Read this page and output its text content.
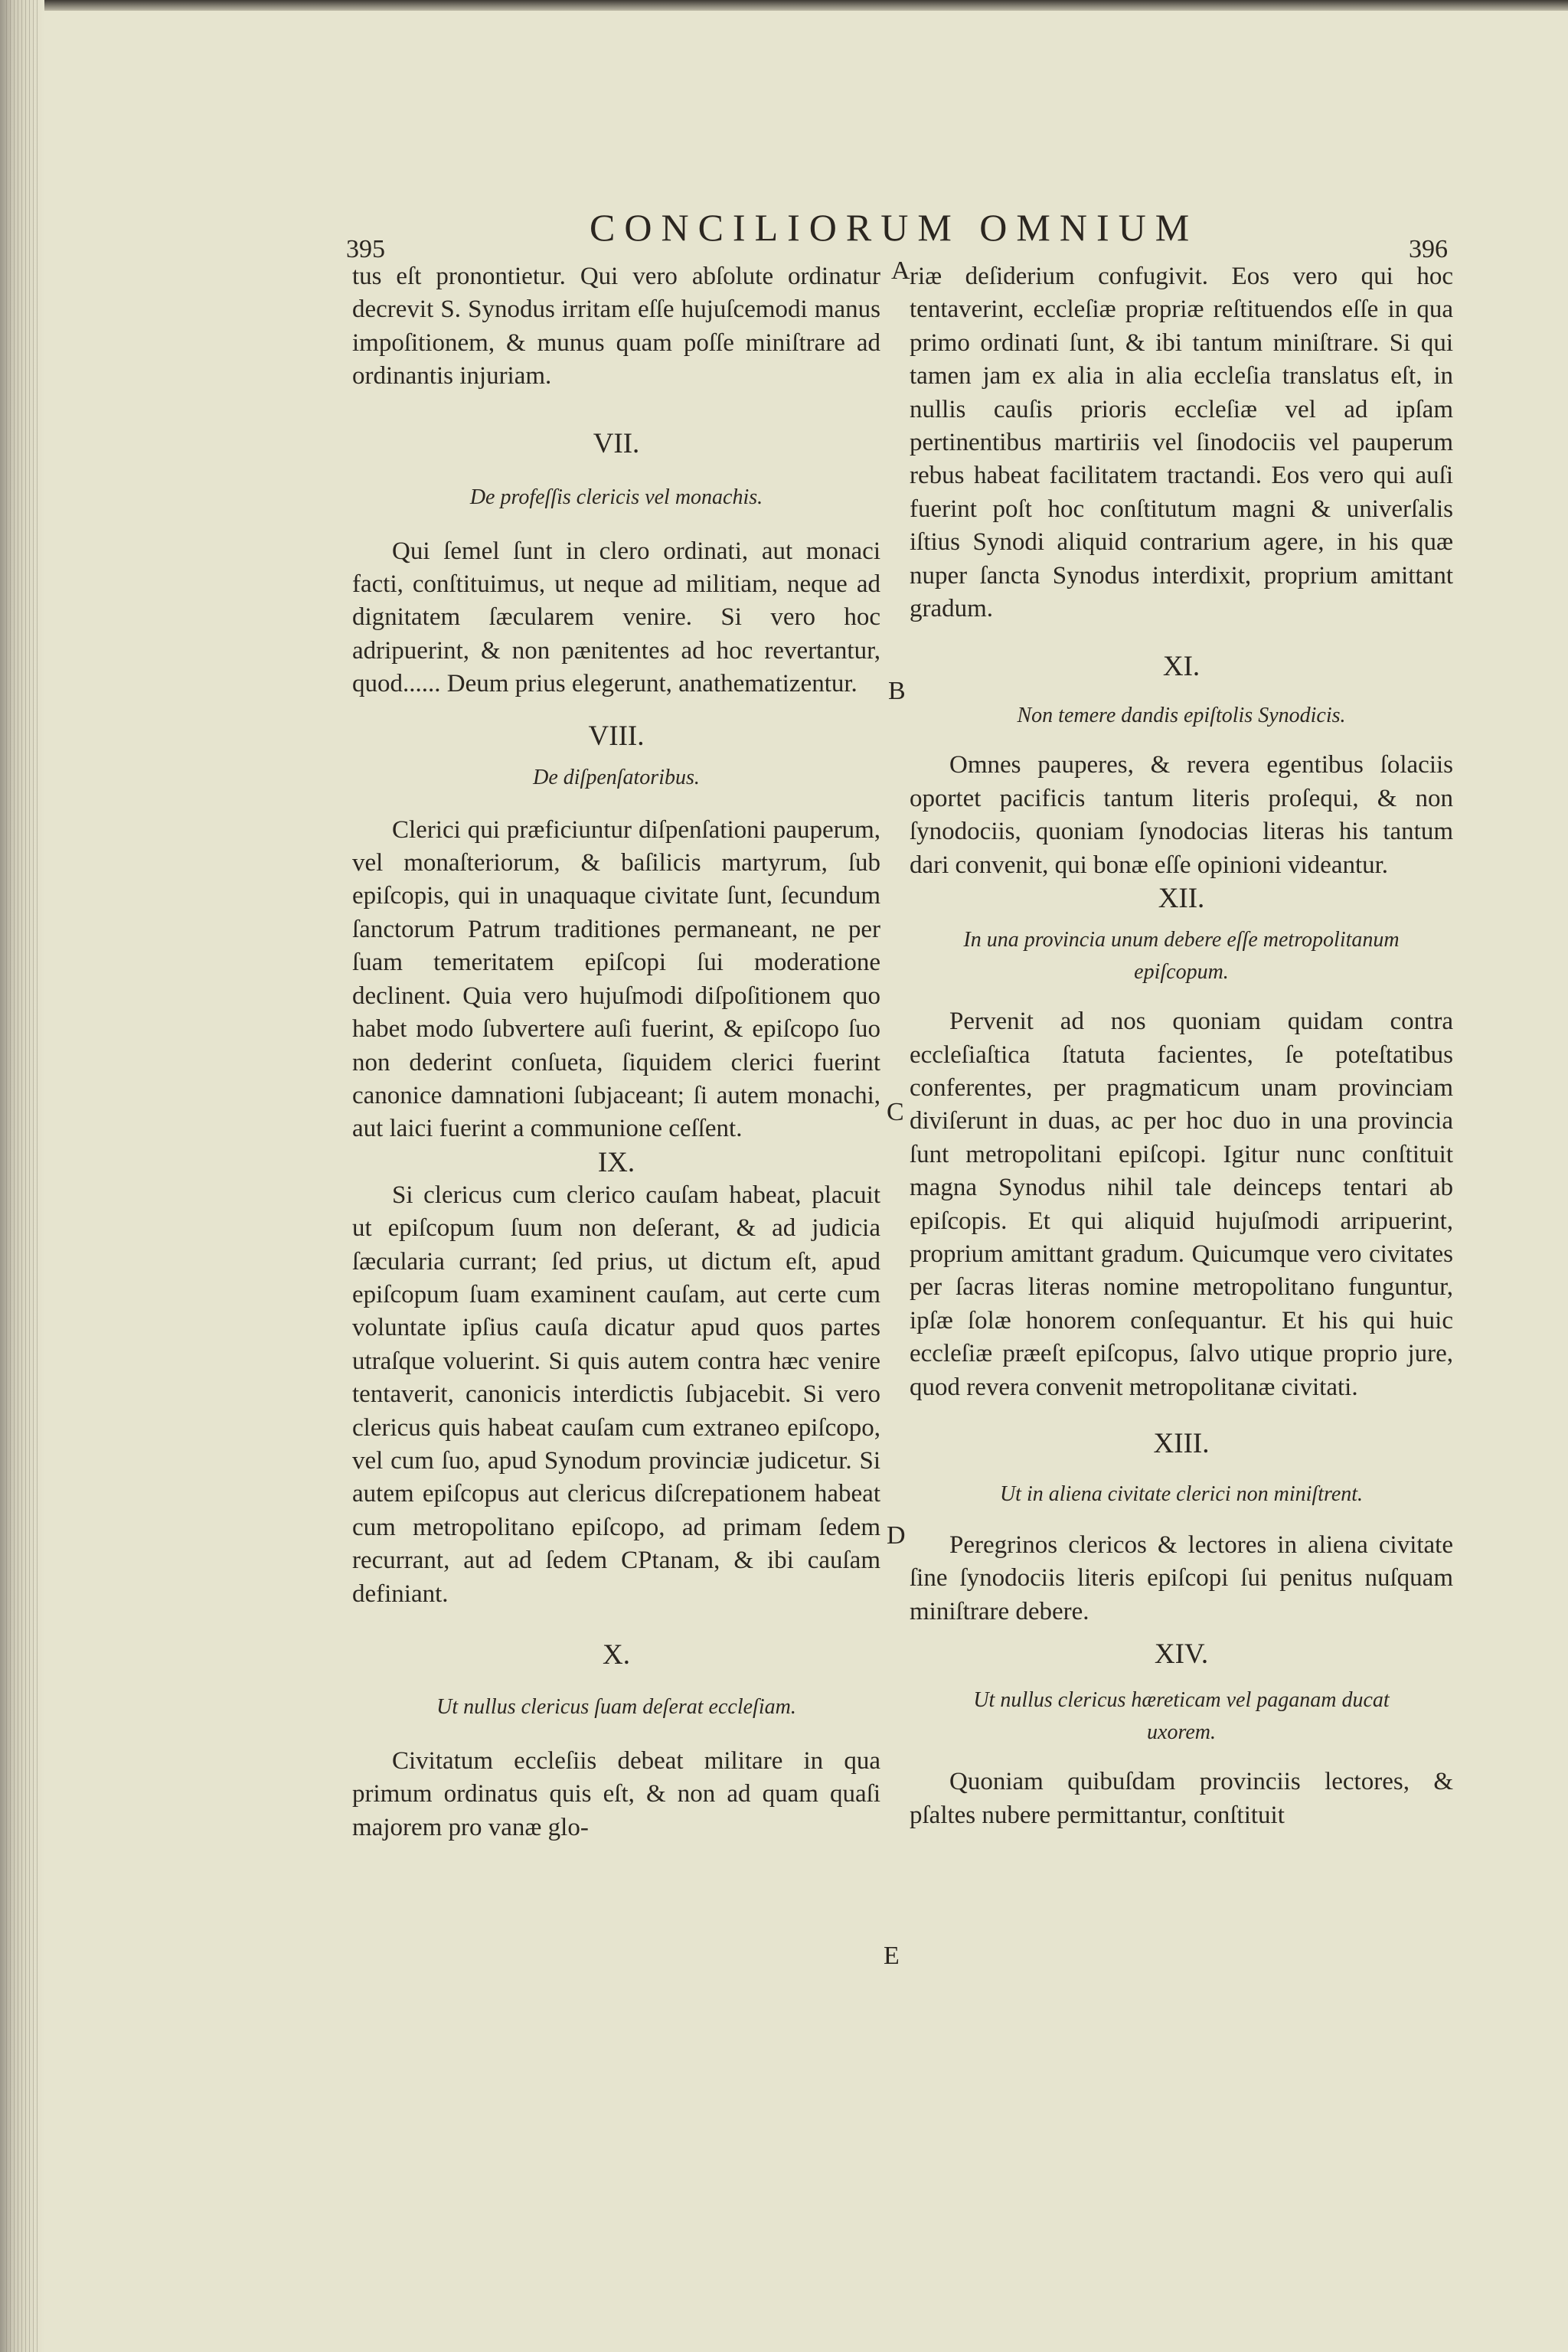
395
CONCILIORUM OMNIUM
396
A
B
C
D
E

tus eſt pronontietur. Qui vero abſolute ordinatur decrevit S. Synodus irritam eſſe hujuſcemodi manus impoſitionem, & munus quam poſſe miniſtrare ad ordinantis injuriam.

VII.

De profeſſis clericis vel monachis.

Qui ſemel ſunt in clero ordinati, aut monaci facti, conſtituimus, ut neque ad militiam, neque ad dignitatem ſæcularem venire. Si vero hoc adripuerint, & non pænitentes ad hoc revertantur, quod...... Deum prius elegerunt, anathematizentur.

VIII.

De diſpenſatoribus.

Clerici qui præficiuntur diſpenſationi pauperum, vel monaſteriorum, & baſilicis martyrum, ſub epiſcopis, qui in unaquaque civitate ſunt, ſecundum ſanctorum Patrum traditiones permaneant, ne per ſuam temeritatem epiſcopi ſui moderatione declinent. Quia vero hujuſmodi diſpoſitionem quo habet modo ſubvertere auſi fuerint, & epiſcopo ſuo non dederint conſueta, ſiquidem clerici fuerint canonice damnationi ſubjaceant; ſi autem monachi, aut laici fuerint a communione ceſſent.

IX.

Si clericus cum clerico cauſam habeat, placuit ut epiſcopum ſuum non deſerant, & ad judicia ſæcularia currant; ſed prius, ut dictum eſt, apud epiſcopum ſuam examinent cauſam, aut certe cum voluntate ipſius cauſa dicatur apud quos partes utraſque voluerint. Si quis autem contra hæc venire tentaverit, canonicis interdictis ſubjacebit. Si vero clericus quis habeat cauſam cum extraneo epiſcopo, vel cum ſuo, apud Synodum provinciæ judicetur. Si autem epiſcopus aut clericus diſcrepationem habeat cum metropolitano epiſcopo, ad primam ſedem recurrant, aut ad ſedem CPtanam, & ibi cauſam definiant.

X.

Ut nullus clericus ſuam deſerat eccleſiam.

Civitatum eccleſiis debeat militare in qua primum ordinatus quis eſt, & non ad quam quaſi majorem pro vanæ glo-

riæ deſiderium confugivit. Eos vero qui hoc tentaverint, eccleſiæ propriæ reſtituendos eſſe in qua primo ordinati ſunt, & ibi tantum miniſtrare. Si qui tamen jam ex alia in alia eccleſia translatus eſt, in nullis cauſis prioris eccleſiæ vel ad ipſam pertinentibus martiriis vel ſinodociis vel pauperum rebus habeat facilitatem tractandi. Eos vero qui auſi fuerint poſt hoc conſtitutum magni & univerſalis iſtius Synodi aliquid contrarium agere, in his quæ nuper ſancta Synodus interdixit, proprium amittant gradum.

XI.

Non temere dandis epiſtolis Synodicis.

Omnes pauperes, & revera egentibus ſolaciis oportet pacificis tantum literis proſequi, & non ſynodociis, quoniam ſynodocias literas his tantum dari convenit, qui bonæ eſſe opinioni videantur.

XII.

In una provincia unum debere eſſe metropolitanum epiſcopum.

Pervenit ad nos quoniam quidam contra eccleſiaſtica ſtatuta facientes, ſe poteſtatibus conferentes, per pragmaticum unam provinciam diviſerunt in duas, ac per hoc duo in una provincia ſunt metropolitani epiſcopi. Igitur nunc conſtituit magna Synodus nihil tale deinceps tentari ab epiſcopis. Et qui aliquid hujuſmodi arripuerint, proprium amittant gradum. Quicumque vero civitates per ſacras literas nomine metropolitano funguntur, ipſæ ſolæ honorem conſequantur. Et his qui huic eccleſiæ præeſt epiſcopus, ſalvo utique proprio jure, quod revera convenit metropolitanæ civitati.

XIII.

Ut in aliena civitate clerici non miniſtrent.

Peregrinos clericos & lectores in aliena civitate ſine ſynodociis literis epiſcopi ſui penitus nuſquam miniſtrare debere.

XIV.

Ut nullus clericus hæreticam vel paganam ducat uxorem.

Quoniam quibuſdam provinciis lectores, & pſaltes nubere permittantur, conſtituit
